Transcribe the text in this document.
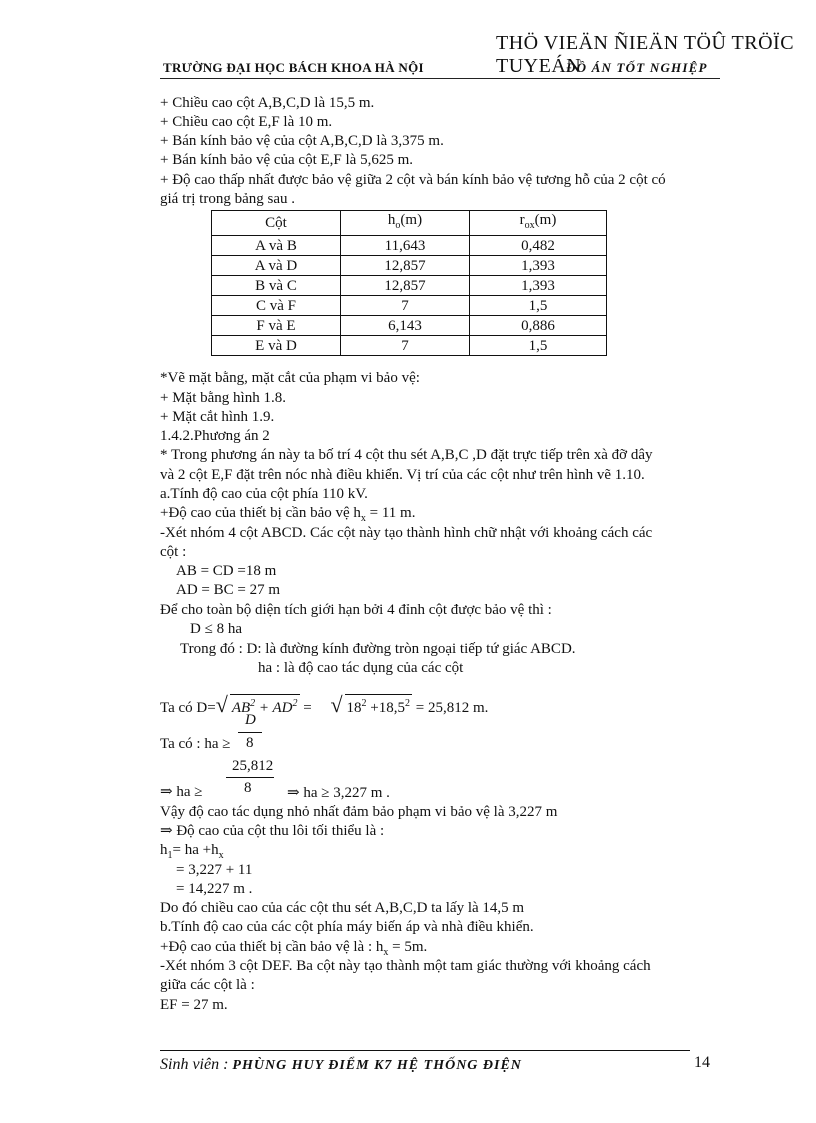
THÖ VIEÄN ÑIEÄN TÖÛ TRÖÏC TUYEÁN
TRƯỜNG ĐẠI HỌC BÁCH KHOA HÀ NỘI	ĐỒ ÁN TỐT NGHIỆP
+ Chiều cao cột A,B,C,D là 15,5 m.
+ Chiều cao cột E,F là 10 m.
+ Bán kính bảo vệ của cột A,B,C,D là 3,375 m.
+ Bán kính bảo vệ của cột E,F là 5,625 m.
+ Độ cao thấp nhất được bảo vệ giữa 2 cột và bán kính bảo vệ tương hỗ của 2 cột có
giá trị trong bảng sau .
Cột	$h_o(m)$	$r_{ox}(m)$
A và B	11,643	0,482
A và D	12,857	1,393
B và C	12,857	1,393
C và F	7	1,5
F và E	6,143	0,886
E và D	7	1,5
*Vẽ mặt bằng, mặt cắt của phạm vi bảo vệ:
+ Mặt bằng hình 1.8.
+ Mặt cắt hình 1.9.
1.4.2.Phương án 2
* Trong phương án này ta bố trí 4 cột thu sét A,B,C ,D đặt trực tiếp trên xà đỡ dây
và 2 cột E,F đặt trên nóc nhà điều khiển. Vị trí của các cột như trên hình vẽ 1.10.
a.Tính độ cao của cột phía 110 kV.
+Độ cao của thiết bị cần bảo vệ $h_x = 11$ m.
-Xét nhóm 4 cột ABCD. Các cột này tạo thành hình chữ nhật với khoảng cách các
cột :
AB = CD =18 m
AD = BC = 27 m
Để cho toàn bộ diện tích giới hạn bởi 4 đỉnh cột được bảo vệ thì :
D ≤ 8 ha
Trong đó : D: là đường kính đường tròn ngoại tiếp tứ giác ABCD.
ha : là độ cao tác dụng của các cột
Ta có D=√ $AB^2 + AD^2$ = √ $18^2 +18,5^2 = 25,812$ m.
D
Ta có : ha ≥ 8
25,812
⇒ ha ≥	8 ⇒ ha ≥ 3,227 m .
Vậy độ cao tác dụng nhỏ nhất đảm bảo phạm vi bảo vệ là 3,227 m
⇒ Độ cao của cột thu lôi tối thiểu là :
$h_1=$ ha $+h_x$
= 3,227 + 11
= 14,227 m .
Do đó chiều cao của các cột thu sét A,B,C,D ta lấy là 14,5 m
b.Tính độ cao của các cột phía máy biến áp và nhà điều khiển.
+Độ cao của thiết bị cần bảo vệ là : $h_x = 5m$.
-Xét nhóm 3 cột DEF. Ba cột này tạo thành một tam giác thường với khoảng cách
giữa các cột là :
EF = 27 m.
Sinh viên : PHÙNG HUY ĐIỂM K7 HỆ THỐNG ĐIỆN	14
